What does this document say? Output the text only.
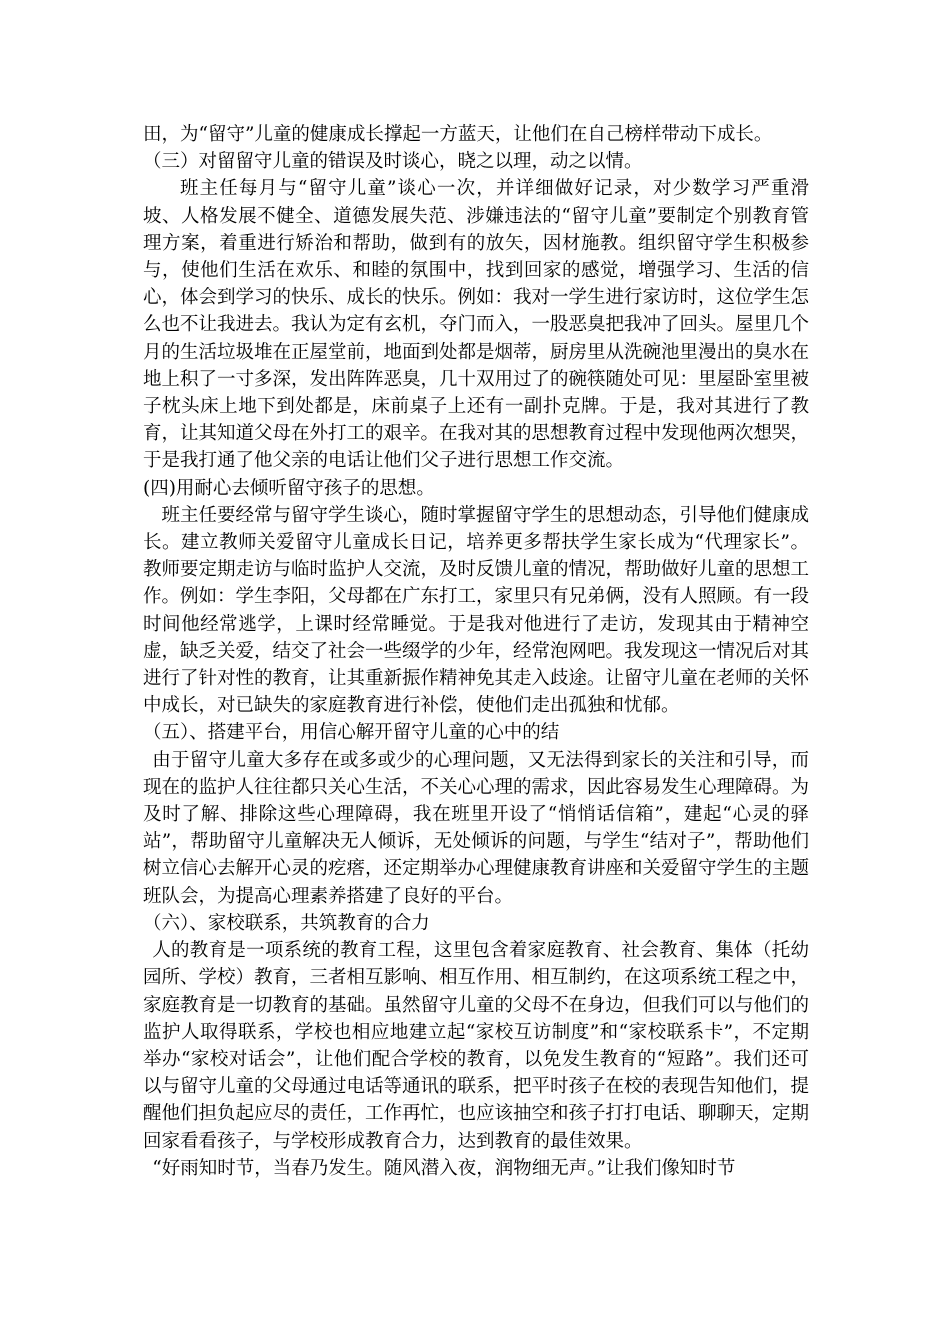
田，为“留守”儿童的健康成长撑起一方蓝天，让他们在自己榜样带动下成长。

（三）对留留守儿童的错误及时谈心，晓之以理，动之以情。

班主任每月与“留守儿童”谈心一次，并详细做好记录，对少数学习严重滑坡、人格发展不健全、道德发展失范、涉嫌违法的“留守儿童”要制定个别教育管理方案，着重进行矫治和帮助，做到有的放矢，因材施教。组织留守学生积极参与，使他们生活在欢乐、和睦的氛围中，找到回家的感觉，增强学习、生活的信心，体会到学习的快乐、成长的快乐。例如：我对一学生进行家访时，这位学生怎么也不让我进去。我认为定有玄机，夺门而入，一股恶臭把我冲了回头。屋里几个月的生活垃圾堆在正屋堂前，地面到处都是烟蒂，厨房里从洗碗池里漫出的臭水在地上积了一寸多深，发出阵阵恶臭，几十双用过了的碗筷随处可见：里屋卧室里被子枕头床上地下到处都是，床前桌子上还有一副扑克牌。于是，我对其进行了教育，让其知道父母在外打工的艰辛。在我对其的思想教育过程中发现他两次想哭，于是我打通了他父亲的电话让他们父子进行思想工作交流。

(四)用耐心去倾听留守孩子的思想。

班主任要经常与留守学生谈心，随时掌握留守学生的思想动态，引导他们健康成长。建立教师关爱留守儿童成长日记，培养更多帮扶学生家长成为“代理家长”。教师要定期走访与临时监护人交流，及时反馈儿童的情况，帮助做好儿童的思想工作。例如：学生李阳，父母都在广东打工，家里只有兄弟俩，没有人照顾。有一段时间他经常逃学，上课时经常睡觉。于是我对他进行了走访，发现其由于精神空虚，缺乏关爱，结交了社会一些缀学的少年，经常泡网吧。我发现这一情况后对其进行了针对性的教育，让其重新振作精神免其走入歧途。让留守儿童在老师的关怀中成长，对已缺失的家庭教育进行补偿，使他们走出孤独和忧郁。

（五）、搭建平台，用信心解开留守儿童的心中的结

由于留守儿童大多存在或多或少的心理问题，又无法得到家长的关注和引导，而现在的监护人往往都只关心生活，不关心心理的需求，因此容易发生心理障碍。为及时了解、排除这些心理障碍，我在班里开设了“悄悄话信箱”，建起“心灵的驿站”，帮助留守儿童解决无人倾诉，无处倾诉的问题，与学生“结对子”，帮助他们树立信心去解开心灵的疙瘩，还定期举办心理健康教育讲座和关爱留守学生的主题班队会，为提高心理素养搭建了良好的平台。

（六）、家校联系，共筑教育的合力

人的教育是一项系统的教育工程，这里包含着家庭教育、社会教育、集体（托幼园所、学校）教育，三者相互影响、相互作用、相互制约，在这项系统工程之中，家庭教育是一切教育的基础。虽然留守儿童的父母不在身边，但我们可以与他们的监护人取得联系，学校也相应地建立起“家校互访制度”和“家校联系卡”，不定期举办“家校对话会”，让他们配合学校的教育，以免发生教育的“短路”。我们还可以与留守儿童的父母通过电话等通讯的联系，把平时孩子在校的表现告知他们，提醒他们担负起应尽的责任，工作再忙，也应该抽空和孩子打打电话、聊聊天，定期回家看看孩子，与学校形成教育合力，达到教育的最佳效果。

“好雨知时节，当春乃发生。随风潜入夜，润物细无声。”让我们像知时节
